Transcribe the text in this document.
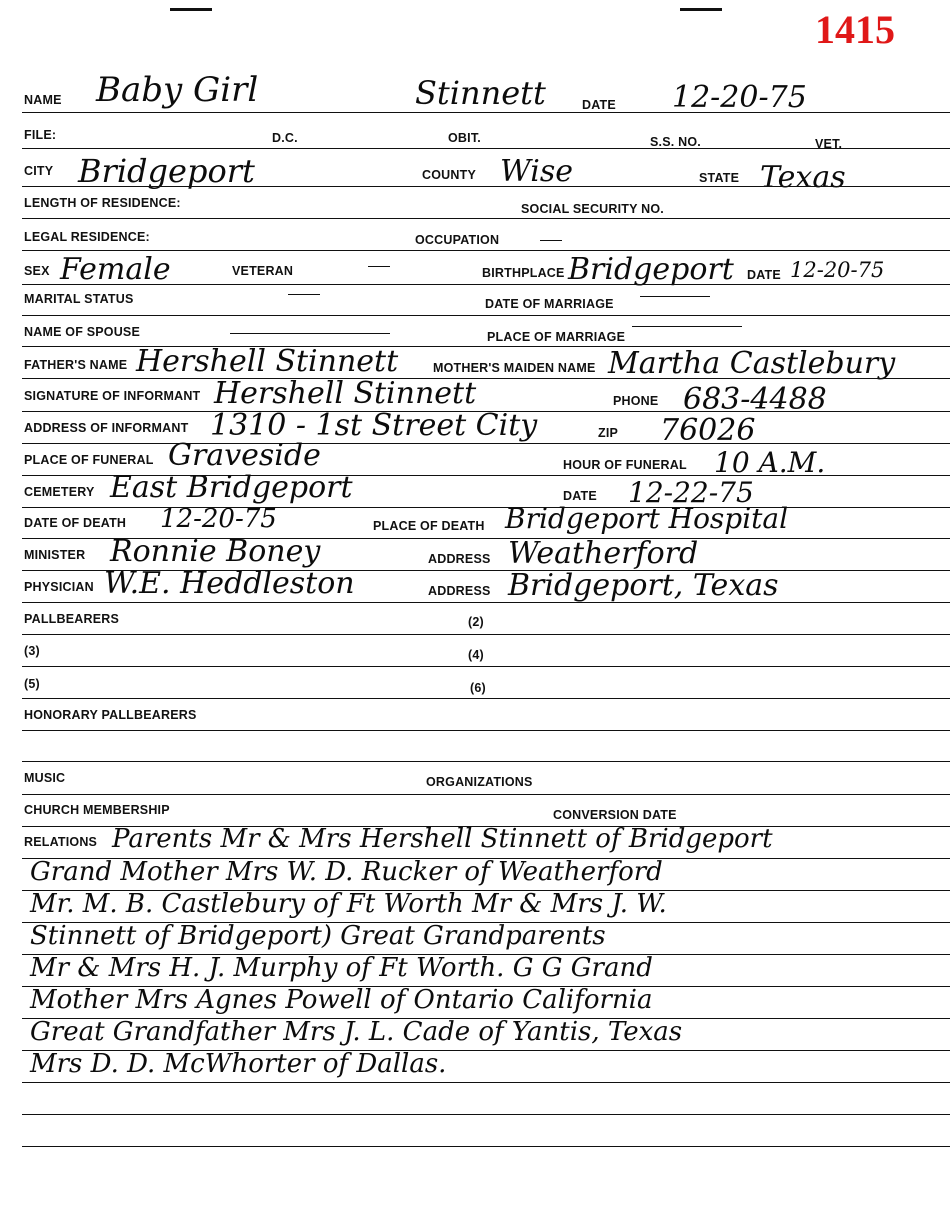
1415
NAME Baby Girl	Stinnett	DATE 12-20-75
FILE:	D.C.	OBIT.	S.S. NO.	VET.
CITY Bridgeport	COUNTY Wise	STATE Texas
LENGTH OF RESIDENCE:	SOCIAL SECURITY NO.
LEGAL RESIDENCE:	OCCUPATION
SEX Female	VETERAN	BIRTHPLACE Bridgeport DATE 12-20-75
MARITAL STATUS	DATE OF MARRIAGE
NAME OF SPOUSE	PLACE OF MARRIAGE
FATHER'S NAME Hershell Stinnett	MOTHER'S MAIDEN NAME Martha Castlebury
SIGNATURE OF INFORMANT Hershell Stinnett	PHONE 683-4488
ADDRESS OF INFORMANT 1310 - 1st Street City	ZIP 76026
PLACE OF FUNERAL Graveside	HOUR OF FUNERAL 10 A.M.
CEMETERY East Bridgeport	DATE 12-22-75
DATE OF DEATH 12-20-75	PLACE OF DEATH Bridgeport Hospital
MINISTER Ronnie Boney	ADDRESS Weatherford
PHYSICIAN W.E. Heddleston	ADDRESS Bridgeport, Texas
PALLBEARERS	(2)
(3)	(4)
(5)	(6)
HONORARY PALLBEARERS
MUSIC	ORGANIZATIONS
CHURCH MEMBERSHIP	CONVERSION DATE
RELATIONS Parents Mr & Mrs Hershell Stinnett of Bridgeport
Grand Mother Mrs W. D. Rucker of Weatherford
Mr. M. B. Castlebury of Ft Worth Mr & Mrs J. W.
Stinnett of Bridgeport) Great Grandparents
Mr & Mrs H. J. Murphy of Ft Worth. G G Grand
Mother Mrs Agnes Powell of Ontario California
Great Grandfather Mrs J. L. Cade of Yantis, Texas
Mrs D. D. McWhorter of Dallas.
